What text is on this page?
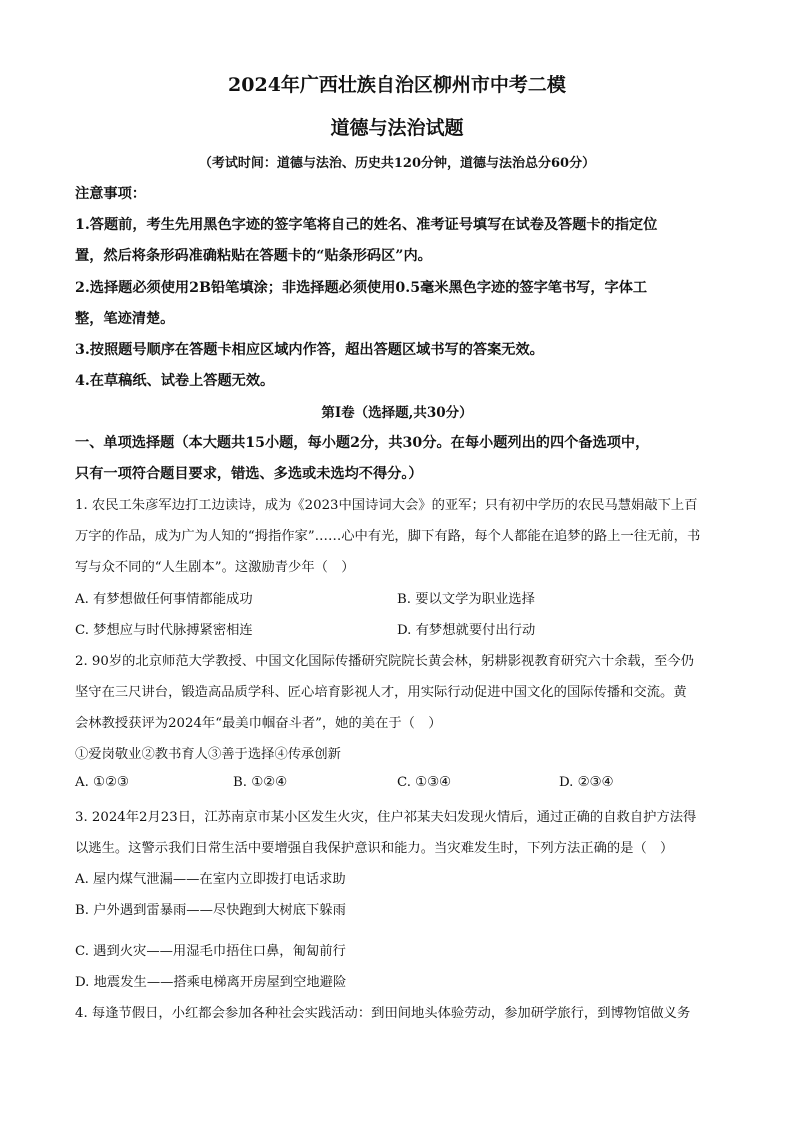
2024年广西壮族自治区柳州市中考二模
道德与法治试题
（考试时间：道德与法治、历史共120分钟，道德与法治总分60分）
注意事项：
1.答题前，考生先用黑色字迹的签字笔将自己的姓名、准考证号填写在试卷及答题卡的指定位
置，然后将条形码准确粘贴在答题卡的“贴条形码区”内。
2.选择题必须使用2B铅笔填涂；非选择题必须使用0.5毫米黑色字迹的签字笔书写，字体工
整，笔迹清楚。
3.按照题号顺序在答题卡相应区域内作答，超出答题区域书写的答案无效。
4.在草稿纸、试卷上答题无效。
第Ⅰ卷（选择题,共30分）
一、单项选择题（本大题共15小题，每小题2分，共30分。在每小题列出的四个备选项中，
只有一项符合题目要求，错选、多选或未选均不得分。）
1. 农民工朱彦军边打工边读诗，成为《2023中国诗词大会》的亚军；只有初中学历的农民马慧娟敲下上百
万字的作品，成为广为人知的“拇指作家”……心中有光，脚下有路，每个人都能在追梦的路上一往无前，书
写与众不同的“人生剧本”。这激励青少年（　）
A. 有梦想做任何事情都能成功	B. 要以文学为职业选择
C. 梦想应与时代脉搏紧密相连	D. 有梦想就要付出行动
2. 90岁的北京师范大学教授、中国文化国际传播研究院院长黄会林，躬耕影视教育研究六十余载，至今仍
坚守在三尺讲台，锻造高品质学科、匠心培育影视人才，用实际行动促进中国文化的国际传播和交流。黄
会林教授获评为2024年“最美巾帼奋斗者”，她的美在于（　）
①爱岗敬业②教书育人③善于选择④传承创新
A. ①②③	B. ①②④	C. ①③④	D. ②③④
3. 2024年2月23日，江苏南京市某小区发生火灾，住户祁某夫妇发现火情后，通过正确的自救自护方法得
以逃生。这警示我们日常生活中要增强自我保护意识和能力。当灾难发生时，下列方法正确的是（　）
A. 屋内煤气泄漏——在室内立即拨打电话求助
B. 户外遇到雷暴雨——尽快跑到大树底下躲雨
C. 遇到火灾——用湿毛巾捂住口鼻，匍匐前行
D. 地震发生——搭乘电梯离开房屋到空地避险
4. 每逢节假日，小红都会参加各种社会实践活动：到田间地头体验劳动，参加研学旅行，到博物馆做义务
